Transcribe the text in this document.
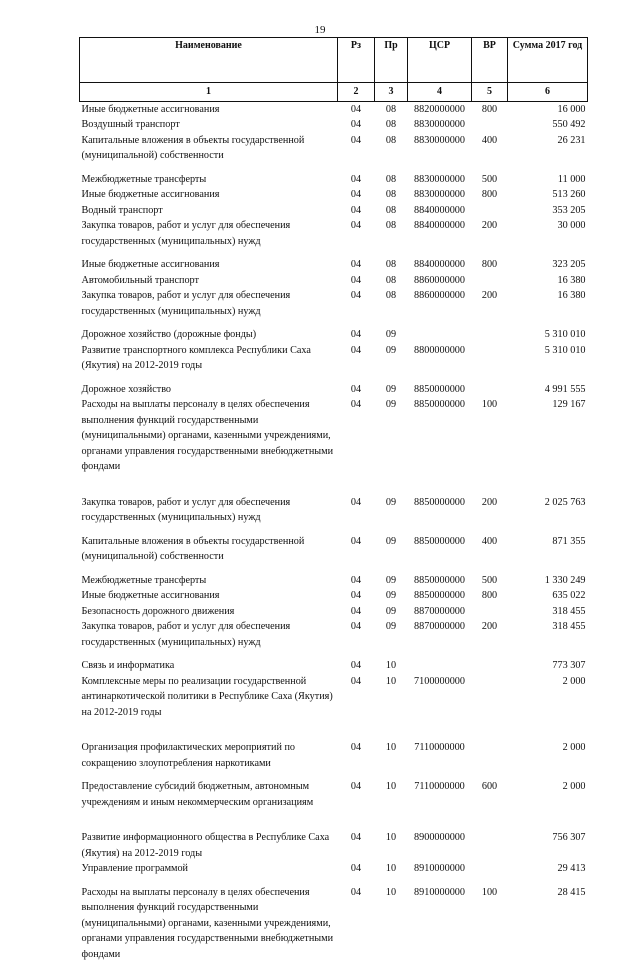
19
Наименование	Рз	Пр	ЦСР	ВР	Сумма 2017 год
1	2	3	4	5	6
Иные бюджетные ассигнования	04	08	8820000000	800	16 000
Воздушный транспорт	04	08	8830000000		550 492
Капитальные вложения в объекты государственной (муниципальной) собственности	04	08	8830000000	400	26 231
Межбюджетные трансферты	04	08	8830000000	500	11 000
Иные бюджетные ассигнования	04	08	8830000000	800	513 260
Водный транспорт	04	08	8840000000		353 205
Закупка товаров, работ и услуг для обеспечения государственных (муниципальных) нужд	04	08	8840000000	200	30 000
Иные бюджетные ассигнования	04	08	8840000000	800	323 205
Автомобильный транспорт	04	08	8860000000		16 380
Закупка товаров, работ и услуг для обеспечения государственных (муниципальных) нужд	04	08	8860000000	200	16 380
Дорожное хозяйство (дорожные фонды)	04	09			5 310 010
Развитие транспортного комплекса Республики Саха (Якутия) на 2012-2019 годы	04	09	8800000000		5 310 010
Дорожное хозяйство	04	09	8850000000		4 991 555
Расходы на выплаты персоналу в целях обеспечения выполнения функций государственными (муниципальными) органами, казенными учреждениями, органами управления государственными внебюджетными фондами	04	09	8850000000	100	129 167
Закупка товаров, работ и услуг для обеспечения государственных (муниципальных) нужд	04	09	8850000000	200	2 025 763
Капитальные вложения в объекты государственной (муниципальной) собственности	04	09	8850000000	400	871 355
Межбюджетные трансферты	04	09	8850000000	500	1 330 249
Иные бюджетные ассигнования	04	09	8850000000	800	635 022
Безопасность дорожного движения	04	09	8870000000		318 455
Закупка товаров, работ и услуг для обеспечения государственных (муниципальных) нужд	04	09	8870000000	200	318 455
Связь и информатика	04	10			773 307
Комплексные меры по реализации государственной антинаркотической политики в Республике Саха (Якутия) на 2012-2019 годы	04	10	7100000000		2 000
Организация профилактических мероприятий по сокращению злоупотребления наркотиками	04	10	7110000000		2 000
Предоставление субсидий бюджетным, автономным учреждениям и иным некоммерческим организациям	04	10	7110000000	600	2 000
Развитие информационного общества в Республике Саха (Якутия) на 2012-2019 годы	04	10	8900000000		756 307
Управление программой	04	10	8910000000		29 413
Расходы на выплаты персоналу в целях обеспечения выполнения функций государственными (муниципальными) органами, казенными учреждениями, органами управления государственными внебюджетными фондами	04	10	8910000000	100	28 415
